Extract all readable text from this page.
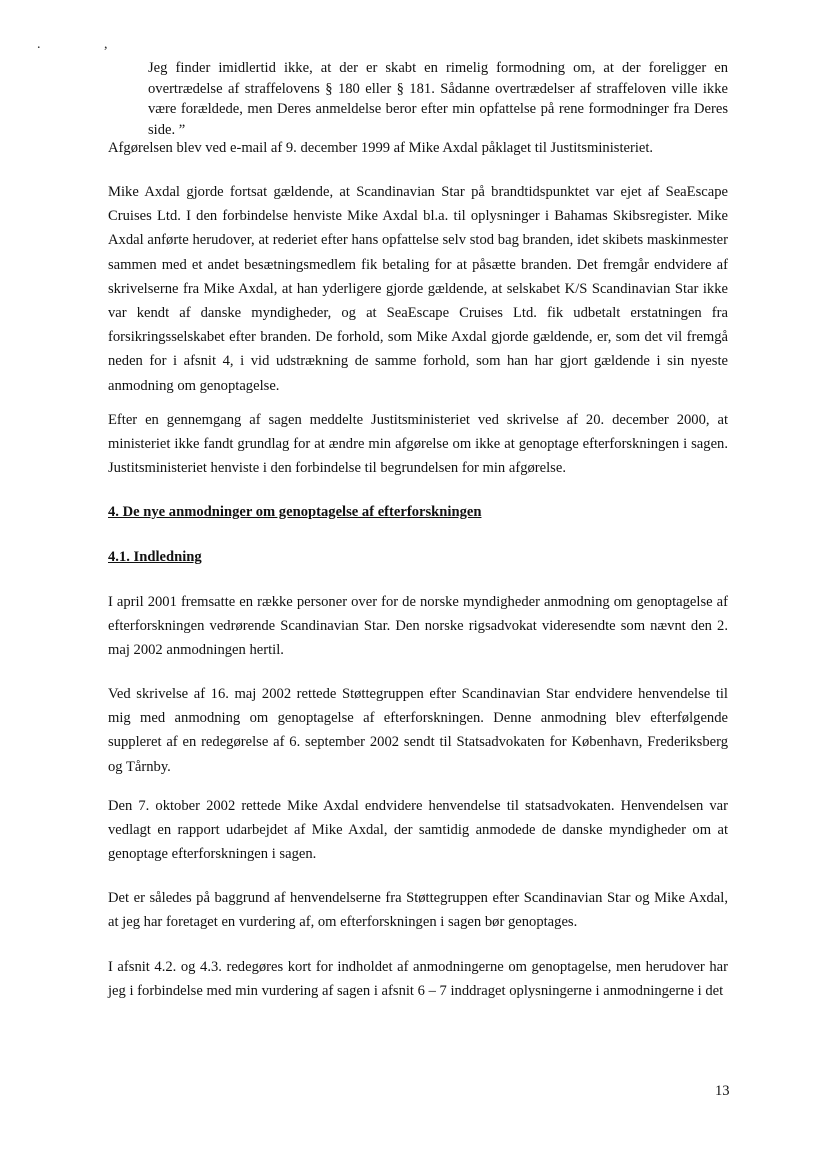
.	,
Jeg finder imidlertid ikke, at der er skabt en rimelig formodning om, at der foreligger en overtrædelse af straffelovens § 180 eller § 181. Sådanne overtrædelser af straffeloven ville ikke være forældede, men Deres anmeldelse beror efter min opfattelse på rene formodninger fra Deres side. ”

Afgørelsen blev ved e-mail af 9. december 1999 af Mike Axdal påklaget til Justitsministeriet.

Mike Axdal gjorde fortsat gældende, at Scandinavian Star på brandtidspunktet var ejet af SeaEscape Cruises Ltd. I den forbindelse henviste Mike Axdal bl.a. til oplysninger i Bahamas Skibsregister. Mike Axdal anførte herudover, at rederiet efter hans opfattelse selv stod bag branden, idet skibets maskinmester sammen med et andet besætningsmedlem fik betaling for at påsætte branden. Det fremgår endvidere af skrivelserne fra Mike Axdal, at han yderligere gjorde gældende, at selskabet K/S Scandinavian Star ikke var kendt af danske myndigheder, og at SeaEscape Cruises Ltd. fik udbetalt erstatningen fra forsikringsselskabet efter branden. De forhold, som Mike Axdal gjorde gældende, er, som det vil fremgå neden for i afsnit 4, i vid udstrækning de samme forhold, som han har gjort gældende i sin nyeste anmodning om genoptagelse.

Efter en gennemgang af sagen meddelte Justitsministeriet ved skrivelse af 20. december 2000, at ministeriet ikke fandt grundlag for at ændre min afgørelse om ikke at genoptage efterforskningen i sagen. Justitsministeriet henviste i den forbindelse til begrundelsen for min afgørelse.

4. De nye anmodninger om genoptagelse af efterforskningen
4.1. Indledning

I april 2001 fremsatte en række personer over for de norske myndigheder anmodning om genoptagelse af efterforskningen vedrørende Scandinavian Star. Den norske rigsadvokat videresendte som nævnt den 2. maj 2002 anmodningen hertil.

Ved skrivelse af 16. maj 2002 rettede Støttegruppen efter Scandinavian Star endvidere henvendelse til mig med anmodning om genoptagelse af efterforskningen. Denne anmodning blev efterfølgende suppleret af en redegørelse af 6. september 2002 sendt til Statsadvokaten for København, Frederiksberg og Tårnby.

Den 7. oktober 2002 rettede Mike Axdal endvidere henvendelse til statsadvokaten. Henvendelsen var vedlagt en rapport udarbejdet af Mike Axdal, der samtidig anmodede de danske myndigheder om at genoptage efterforskningen i sagen.

Det er således på baggrund af henvendelserne fra Støttegruppen efter Scandinavian Star og Mike Axdal, at jeg har foretaget en vurdering af, om efterforskningen i sagen bør genoptages.

I afsnit 4.2. og 4.3. redegøres kort for indholdet af anmodningerne om genoptagelse, men herudover har jeg i forbindelse med min vurdering af sagen i afsnit 6 – 7 inddraget oplysningerne i anmodningerne i det

13
